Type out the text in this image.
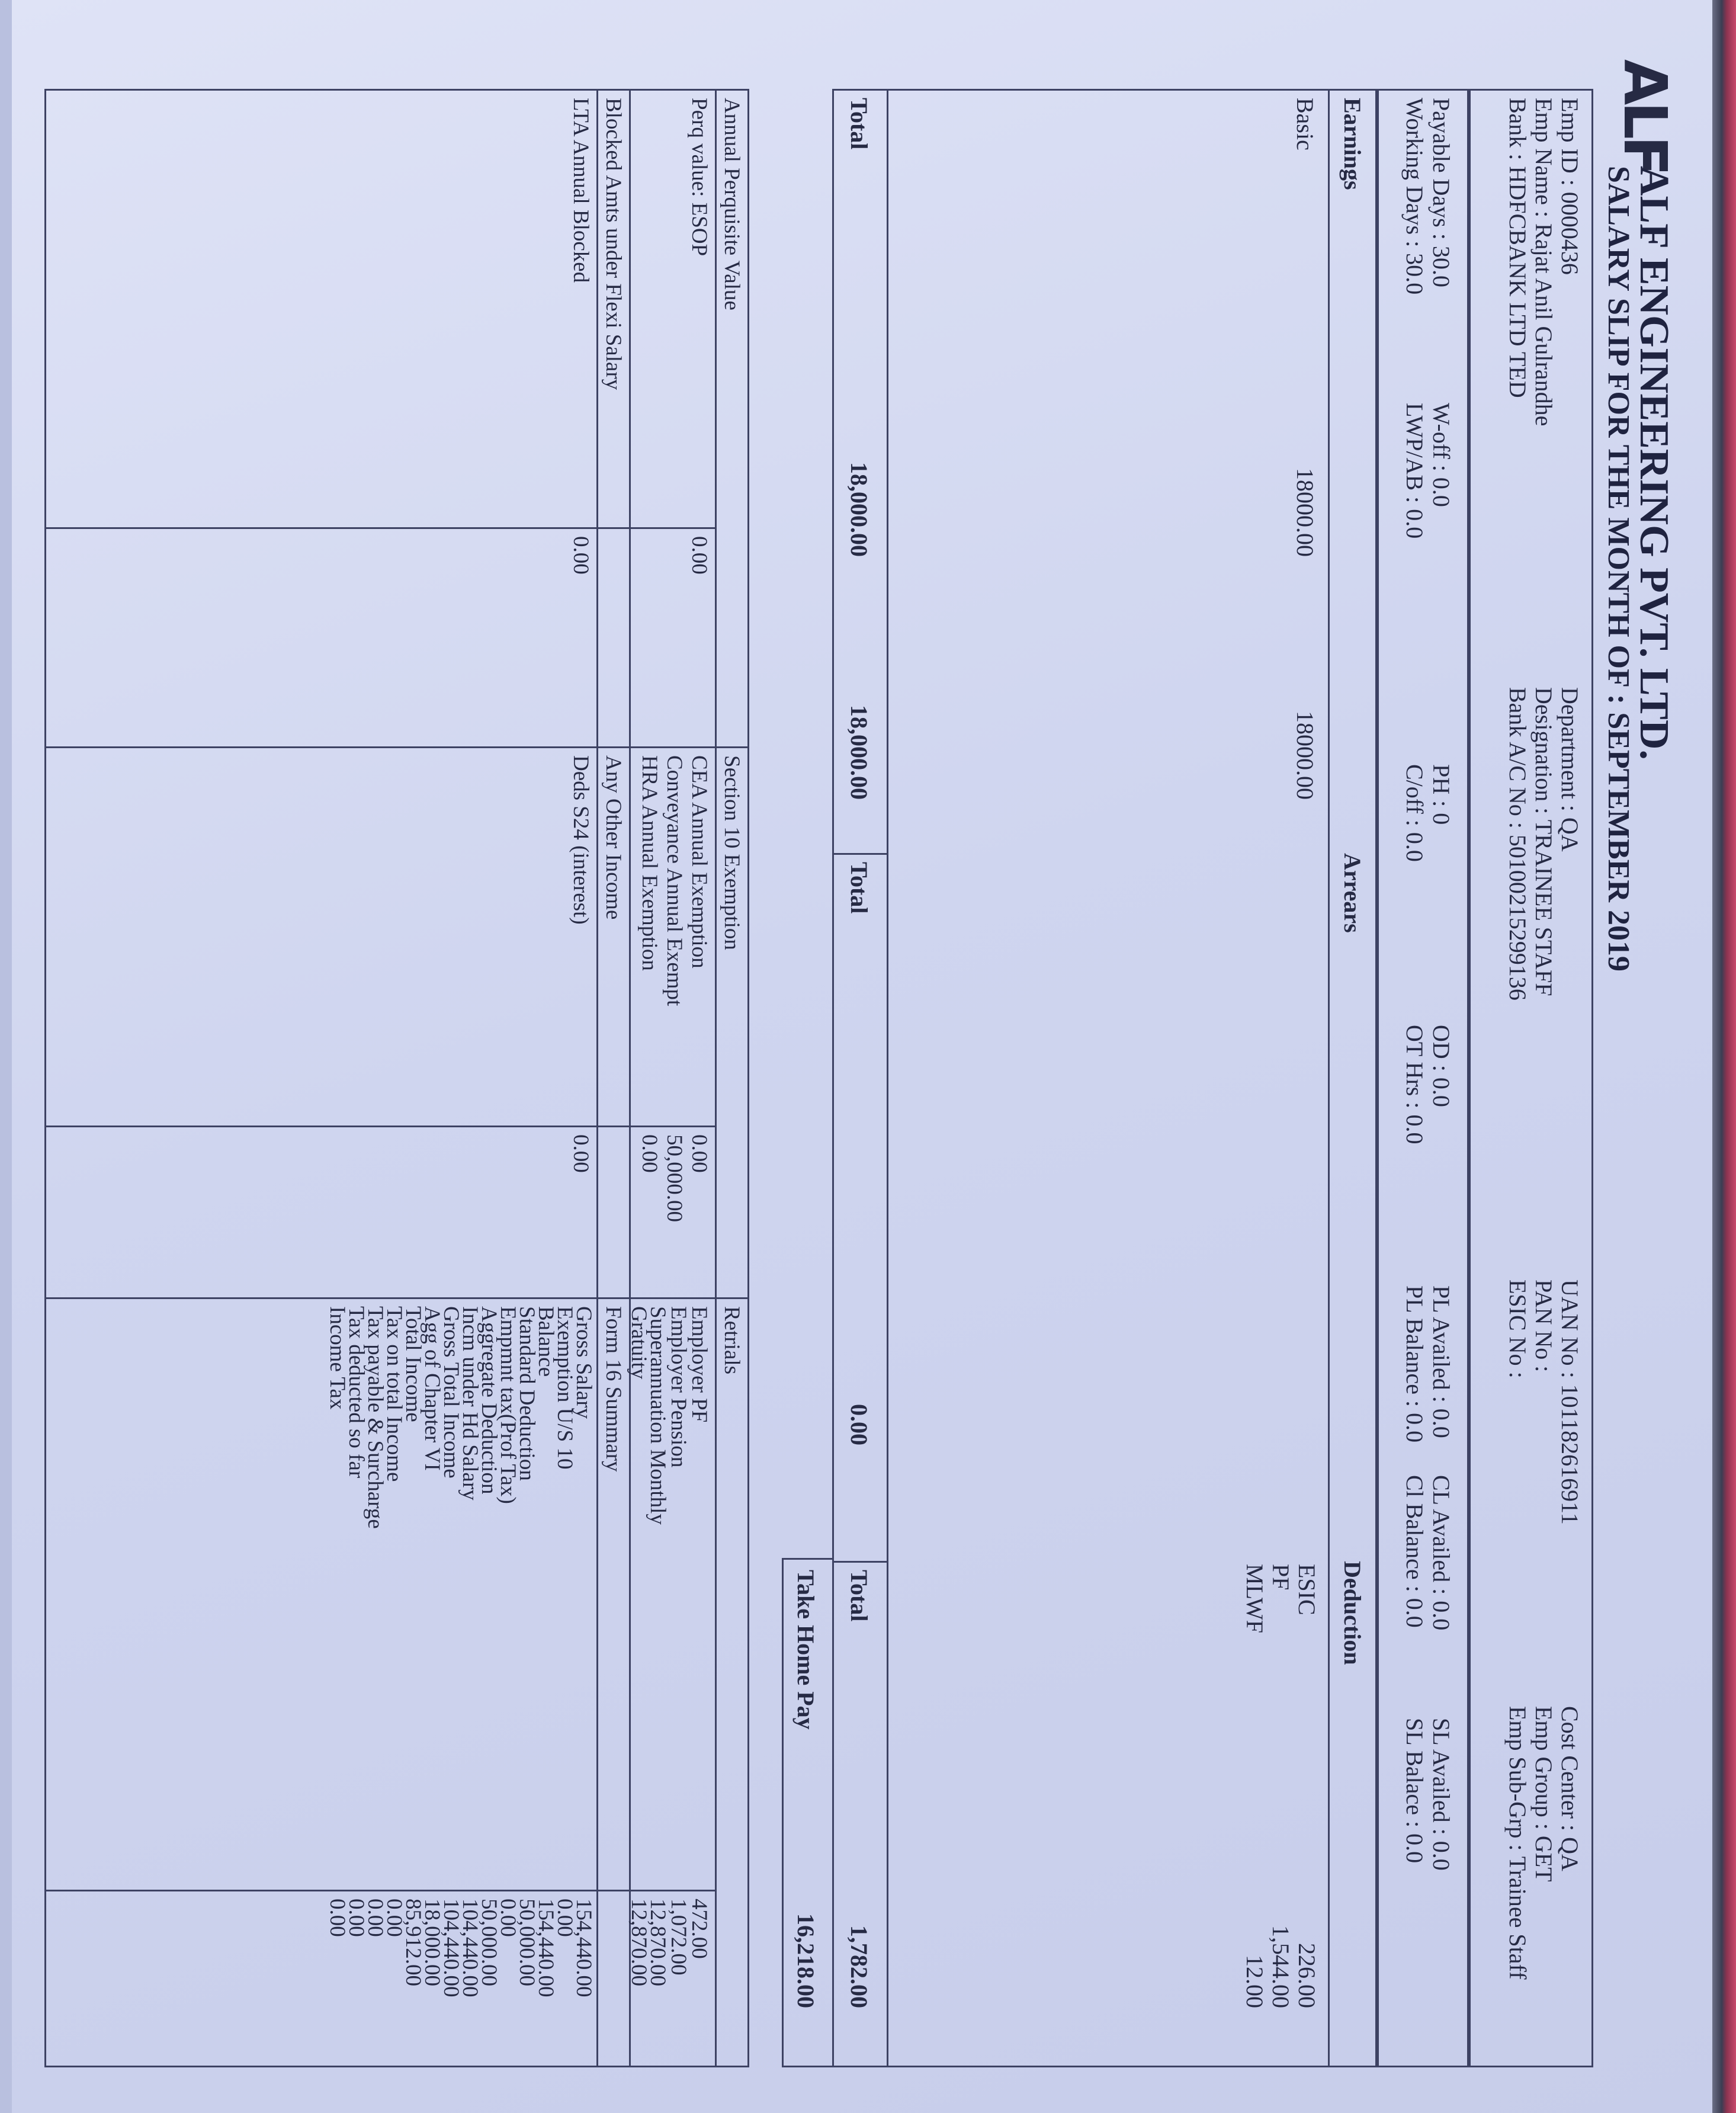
ALF
ALF ENGINEERING PVT. LTD.
SALARY SLIP FOR THE MONTH OF : SEPTEMBER 2019
Emp ID : 0000436
Emp Name : Rajat Anil Gulrandhe
Bank : HDFCBANK LTD TED
Department : QA
Designation : TRAINEE STAFF
Bank A/C No : 50100215299136
UAN No : 101182616911
PAN No :
ESIC No :
Cost Center : QA
Emp Group : GET
Emp Sub-Grp : Trainee Staff
Payable Days : 30.0
Working Days : 30.0
W-off : 0.0
LWP/AB : 0.0
PH : 0
C/off : 0.0
OD : 0.0
OT Hrs : 0.0
PL Availed : 0.0
PL Balance : 0.0
CL Availed : 0.0
Cl Balance : 0.0
SL Availed : 0.0
SL Balace : 0.0
Earnings
Arrears
Deduction
Basic
18000.00
18000.00
ESIC
226.00
PF
1,544.00
MLWF
12.00
Total
18,000.00
18,000.00
Total
0.00
Total
1,782.00
Take Home Pay
16,218.00
Annual Perquisite Value
Perq value: ESOP
0.00
Blocked Amts under Flexi Salary
LTA Annual Blocked
0.00
Section 10 Exemption
CEA Annual Exemption
0.00
Conveyance Annual Exempt
50,000.00
HRA Annual Exemption
0.00
Any Other Income
Deds S24 (interest)
0.00
Retrials
Employer PF
472.00
Employer Pension
1,072.00
Superannuation Monthly
12,870.00
Gratuity
12,870.00
Form 16 Summary
Gross Salary
154,440.00
Exemption U/S 10
0.00
Balance
154,440.00
Standard Deduction
50,000.00
Empmnt tax(Prof Tax)
0.00
Aggregate Deduction
50,000.00
Incm under Hd Salary
104,440.00
Gross Total Income
104,440.00
Agg of Chapter VI
18,000.00
Total Income
85,912.00
Tax on total Income
0.00
Tax payable & Surcharge
0.00
Tax deducted so far
0.00
Income Tax
0.00
